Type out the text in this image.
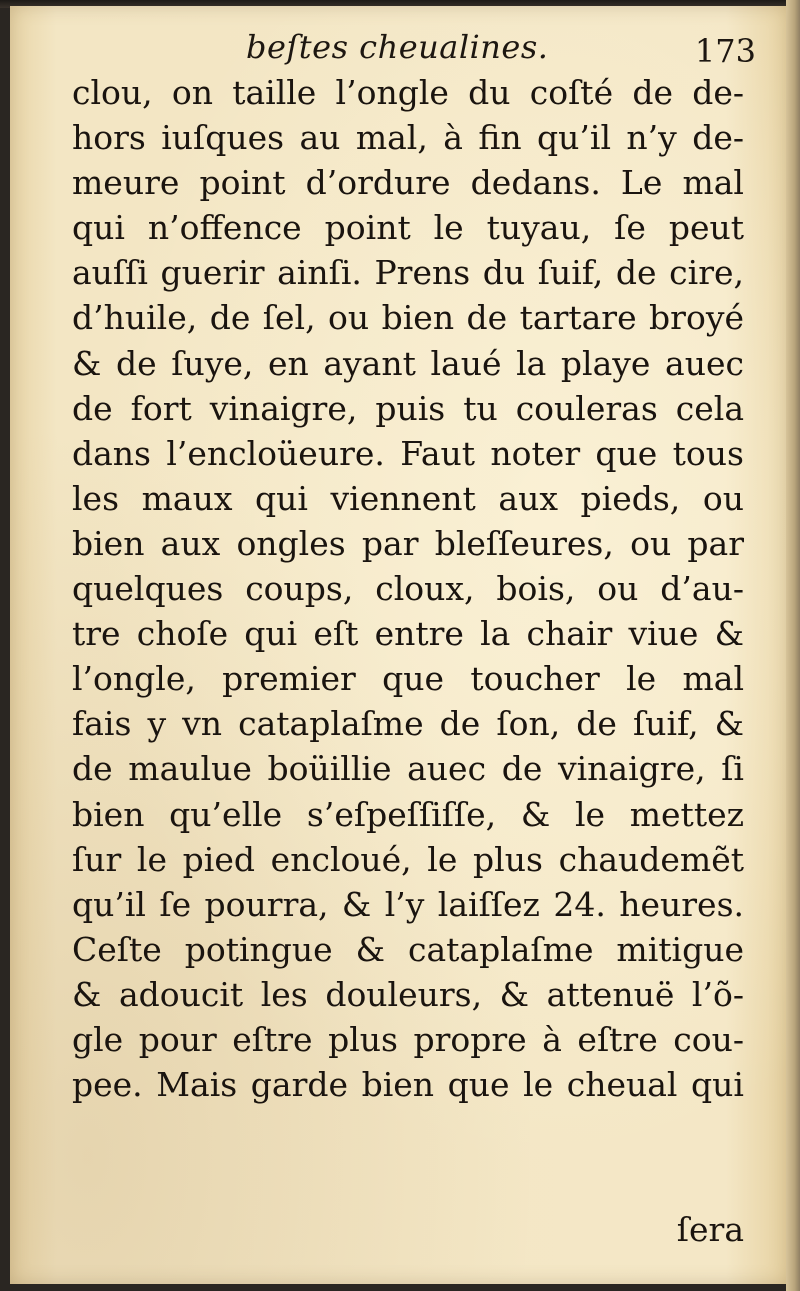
beſtes cheualines.	173
clou, on taille l’ongle du coſté de de-
hors iuſques au mal, à fin qu’il n’y de-
meure point d’ordure dedans. Le mal
qui n’offence point le tuyau, ſe peut
auſſi guerir ainſi. Prens du ſuif, de cire,
d’huile, de ſel, ou bien de tartare broyé
& de ſuye, en ayant laué la playe auec
de fort vinaigre, puis tu couleras cela
dans l’encloüeure. Faut noter que tous
les maux qui viennent aux pieds, ou
bien aux ongles par bleſſeures, ou par
quelques coups, cloux, bois, ou d’au-
tre choſe qui eſt entre la chair viue &
l’ongle, premier que toucher le mal
fais y vn cataplaſme de ſon, de ſuif, &
de maulue boüillie auec de vinaigre, ſi
bien qu’elle s’eſpeſſiſſe, & le mettez
ſur le pied encloué, le plus chaudemẽt
qu’il ſe pourra, & l’y laiſſez 24. heures.
Ceſte potingue & cataplaſme mitigue
& adoucit les douleurs, & attenuë l’õ-
gle pour eſtre plus propre à eſtre cou-
pee. Mais garde bien que le cheual qui
ſera
